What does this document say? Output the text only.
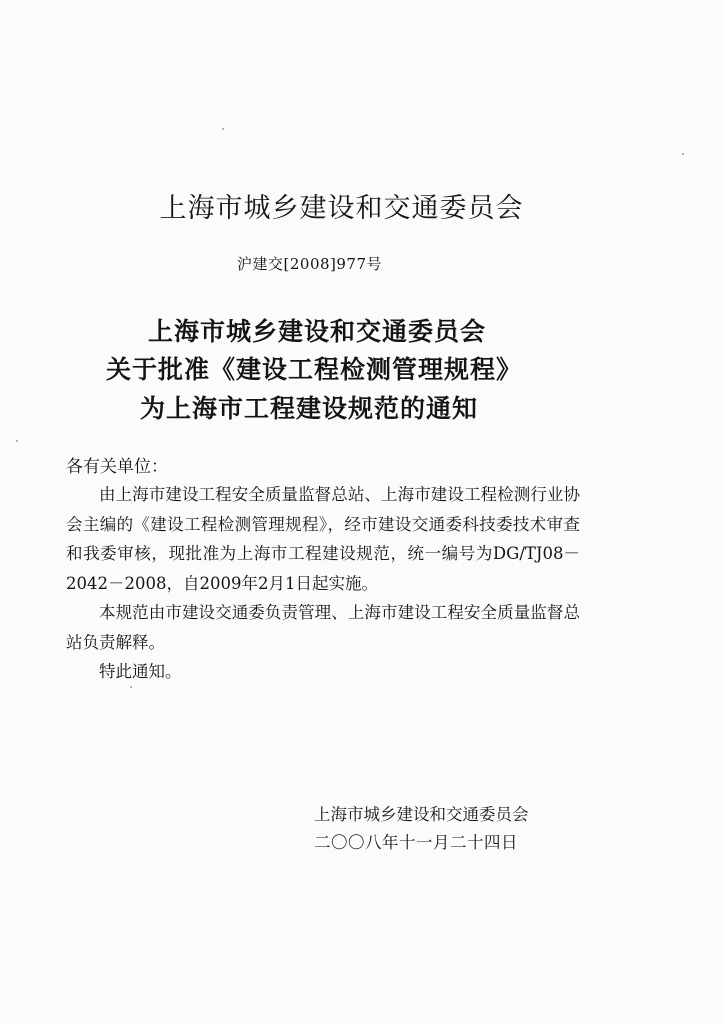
上海市城乡建设和交通委员会
沪建交[2008]977号
上海市城乡建设和交通委员会
关于批准《建设工程检测管理规程》
为上海市工程建设规范的通知
各有关单位：

由上海市建设工程安全质量监督总站、上海市建设工程检测行业协会主编的《建设工程检测管理规程》，经市建设交通委科技委技术审查和我委审核，现批准为上海市工程建设规范，统一编号为DG/TJ08－2042－2008，自2009年2月1日起实施。

本规范由市建设交通委负责管理、上海市建设工程安全质量监督总站负责解释。

特此通知。

上海市城乡建设和交通委员会
二〇〇八年十一月二十四日
